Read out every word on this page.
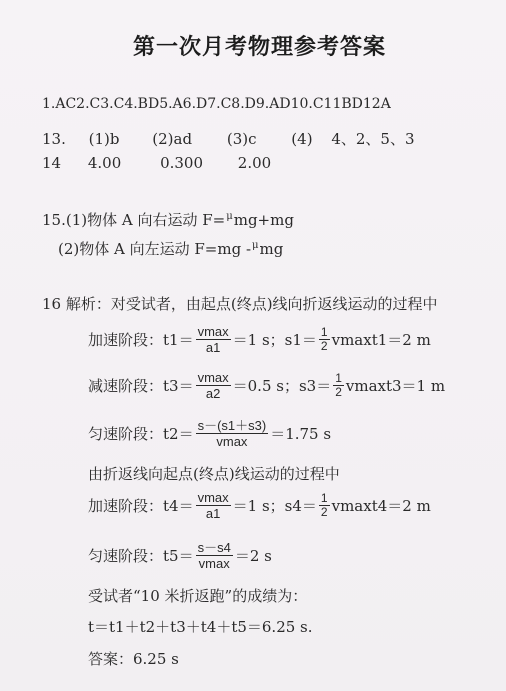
第一次月考物理参考答案
1.AC2.C3.C4.BD5.A6.D7.C8.D9.AD10.C11BD12A
13. (1)b (2)ad (3)c (4) 4、2、5、3
14 4.00	0.300 2.00
15.(1)物体 A 向右运动 F=$^\mu$mg+mg
(2)物体 A 向左运动 F=mg -$^\mu$mg
16 解析：对受试者，由起点(终点)线向折返线运动的过程中
加速阶段：$t1= \frac{vmax}{a1} =1$ s；$s1= \frac{1}{2} vmaxt1=2$ m
减速阶段：$t3= \frac{vmax}{a2} =0.5$ s；$s3= \frac{1}{2} vmaxt3=1$ m
匀速阶段：$t2= \frac{s-(s1+s3)}{vmax} =1.75$ s
由折返线向起点(终点)线运动的过程中
加速阶段：$t4= \frac{vmax}{a1} =1$ s；$s4= \frac{1}{2} vmaxt4=2$ m
匀速阶段：$t5= \frac{s-s4}{vmax} =2$ s
受试者“10 米折返跑”的成绩为：
t＝t1＋t2＋t3＋t4＋t5＝6.25 s.
答案：6.25 s
